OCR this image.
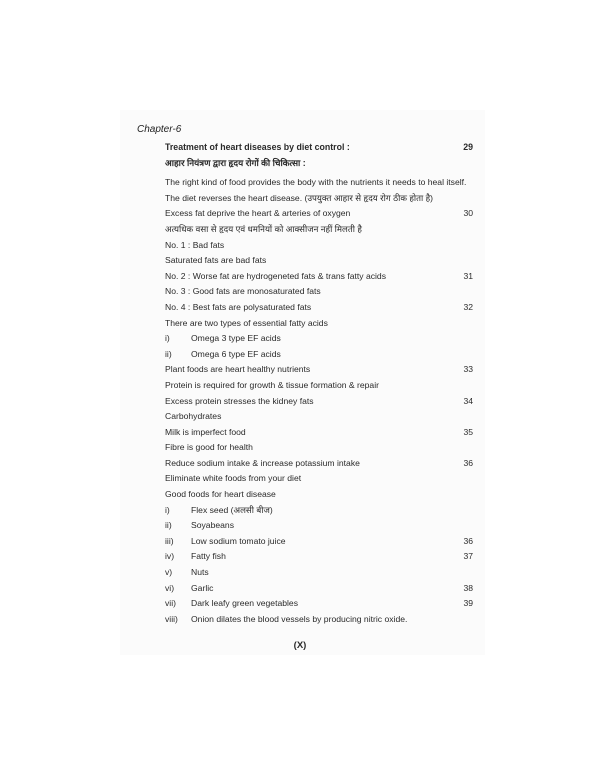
Chapter-6
Treatment of heart diseases by diet control :	29
आहार नियंत्रण द्वारा हृदय रोगों की चिकित्सा :
The right kind of food provides the body with the nutrients it needs to heal itself.
The diet reverses the heart disease. (उपयुक्त आहार से हृदय रोग ठीक होता है)
Excess fat deprive the heart & arteries of oxygen	30
अत्यधिक वसा से हृदय एवं धमनियों को आक्सीजन नहीं मिलती है
No. 1 : Bad fats
Saturated fats are bad fats
No. 2 : Worse fat are hydrogeneted fats & trans fatty acids	31
No. 3 : Good fats are monosaturated fats
No. 4 : Best fats are polysaturated fats	32
There are two types of essential fatty acids
i) Omega 3 type EF acids
ii) Omega 6 type EF acids
Plant foods are heart healthy nutrients	33
Protein is required for growth & tissue formation & repair
Excess protein stresses the kidney fats	34
Carbohydrates
Milk is imperfect food	35
Fibre is good for health
Reduce sodium intake & increase potassium intake	36
Eliminate white foods from your diet
Good foods for heart disease
i) Flex seed (अलसी बीज)
ii) Soyabeans
iii) Low sodium tomato juice	36
iv) Fatty fish	37
v) Nuts
vi) Garlic	38
vii) Dark leafy green vegetables	39
viii) Onion dilates the blood vessels by producing nitric oxide.
(X)
